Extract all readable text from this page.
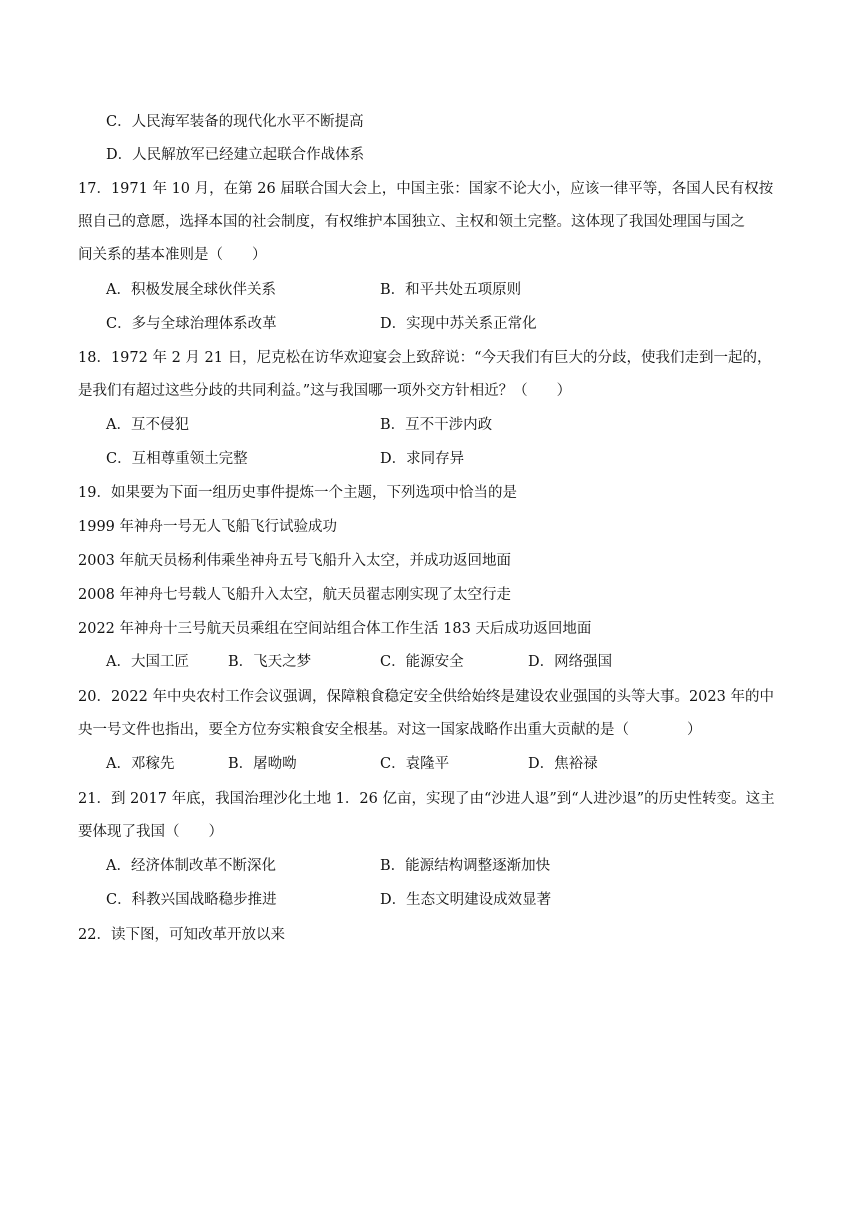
C．人民海军装备的现代化水平不断提高
D．人民解放军已经建立起联合作战体系
17．1971 年 10 月，在第 26 届联合国大会上，中国主张：国家不论大小，应该一律平等，各国人民有权按
照自己的意愿，选择本国的社会制度，有权维护本国独立、主权和领土完整。这体现了我国处理国与国之
间关系的基本准则是（　　）
A．积极发展全球伙伴关系	B．和平共处五项原则
C．多与全球治理体系改革	D．实现中苏关系正常化
18．1972 年 2 月 21 日，尼克松在访华欢迎宴会上致辞说：“今天我们有巨大的分歧，使我们走到一起的，
是我们有超过这些分歧的共同利益。”这与我国哪一项外交方针相近？（　　）
A．互不侵犯	B．互不干涉内政
C．互相尊重领土完整	D．求同存异
19．如果要为下面一组历史事件提炼一个主题，下列选项中恰当的是
1999 年神舟一号无人飞船飞行试验成功
2003 年航天员杨利伟乘坐神舟五号飞船升入太空，并成功返回地面
2008 年神舟七号载人飞船升入太空，航天员翟志刚实现了太空行走
2022 年神舟十三号航天员乘组在空间站组合体工作生活 183 天后成功返回地面
A．大国工匠	B．飞天之梦	C．能源安全	D．网络强国
20．2022 年中央农村工作会议强调，保障粮食稳定安全供给始终是建设农业强国的头等大事。2023 年的中
央一号文件也指出，要全方位夯实粮食安全根基。对这一国家战略作出重大贡献的是（　　　　）
A．邓稼先	B．屠呦呦	C．袁隆平	D．焦裕禄
21．到 2017 年底，我国治理沙化土地 1．26 亿亩，实现了由“沙进人退”到“人进沙退”的历史性转变。这主
要体现了我国（　　）
A．经济体制改革不断深化	B．能源结构调整逐渐加快
C．科教兴国战略稳步推进	D．生态文明建设成效显著
22．读下图，可知改革开放以来
